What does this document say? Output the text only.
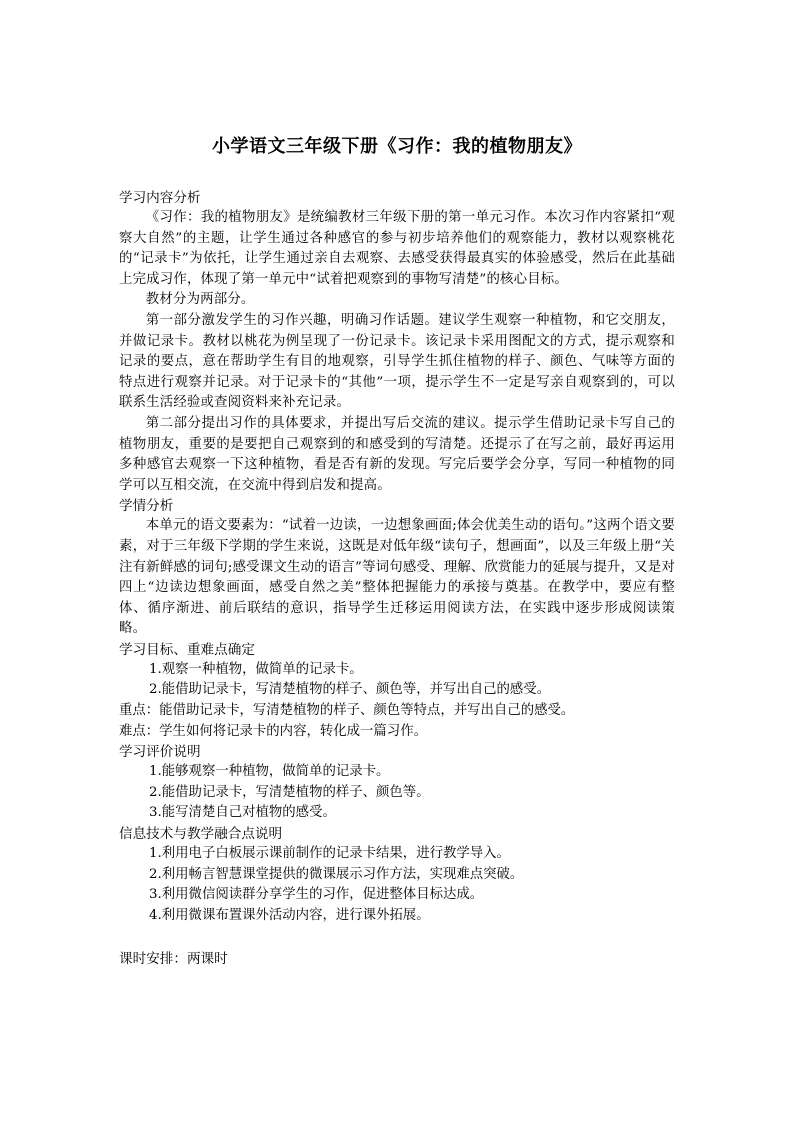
小学语文三年级下册《习作：我的植物朋友》
学习内容分析

《习作：我的植物朋友》是统编教材三年级下册的第一单元习作。本次习作内容紧扣“观察大自然”的主题，让学生通过各种感官的参与初步培养他们的观察能力，教材以观察桃花的“记录卡”为依托，让学生通过亲自去观察、去感受获得最真实的体验感受，然后在此基础上完成习作，体现了第一单元中“试着把观察到的事物写清楚”的核心目标。

教材分为两部分。

第一部分激发学生的习作兴趣，明确习作话题。建议学生观察一种植物，和它交朋友，并做记录卡。教材以桃花为例呈现了一份记录卡。该记录卡采用图配文的方式，提示观察和记录的要点，意在帮助学生有目的地观察，引导学生抓住植物的样子、颜色、气味等方面的特点进行观察并记录。对于记录卡的“其他”一项，提示学生不一定是写亲自观察到的，可以联系生活经验或查阅资料来补充记录。

第二部分提出习作的具体要求，并提出写后交流的建议。提示学生借助记录卡写自己的植物朋友，重要的是要把自己观察到的和感受到的写清楚。还提示了在写之前，最好再运用多种感官去观察一下这种植物，看是否有新的发现。写完后要学会分享，写同一种植物的同学可以互相交流，在交流中得到启发和提高。

学情分析

本单元的语文要素为：“试着一边读，一边想象画面;体会优美生动的语句。”这两个语文要素，对于三年级下学期的学生来说，这既是对低年级“读句子，想画面”，以及三年级上册“关注有新鲜感的词句;感受课文生动的语言”等词句感受、理解、欣赏能力的延展与提升，又是对四上“边读边想象画面，感受自然之美”整体把握能力的承接与奠基。在教学中，要应有整体、循序渐进、前后联结的意识，指导学生迁移运用阅读方法，在实践中逐步形成阅读策略。

学习目标、重难点确定
1.观察一种植物，做简单的记录卡。
2.能借助记录卡，写清楚植物的样子、颜色等，并写出自己的感受。
重点：能借助记录卡，写清楚植物的样子、颜色等特点，并写出自己的感受。
难点：学生如何将记录卡的内容，转化成一篇习作。
学习评价说明
1.能够观察一种植物，做简单的记录卡。
2.能借助记录卡，写清楚植物的样子、颜色等。
3.能写清楚自己对植物的感受。
信息技术与教学融合点说明
1.利用电子白板展示课前制作的记录卡结果，进行教学导入。
2.利用畅言智慧课堂提供的微课展示习作方法，实现难点突破。
3.利用微信阅读群分享学生的习作，促进整体目标达成。
4.利用微课布置课外活动内容，进行课外拓展。
课时安排：两课时
